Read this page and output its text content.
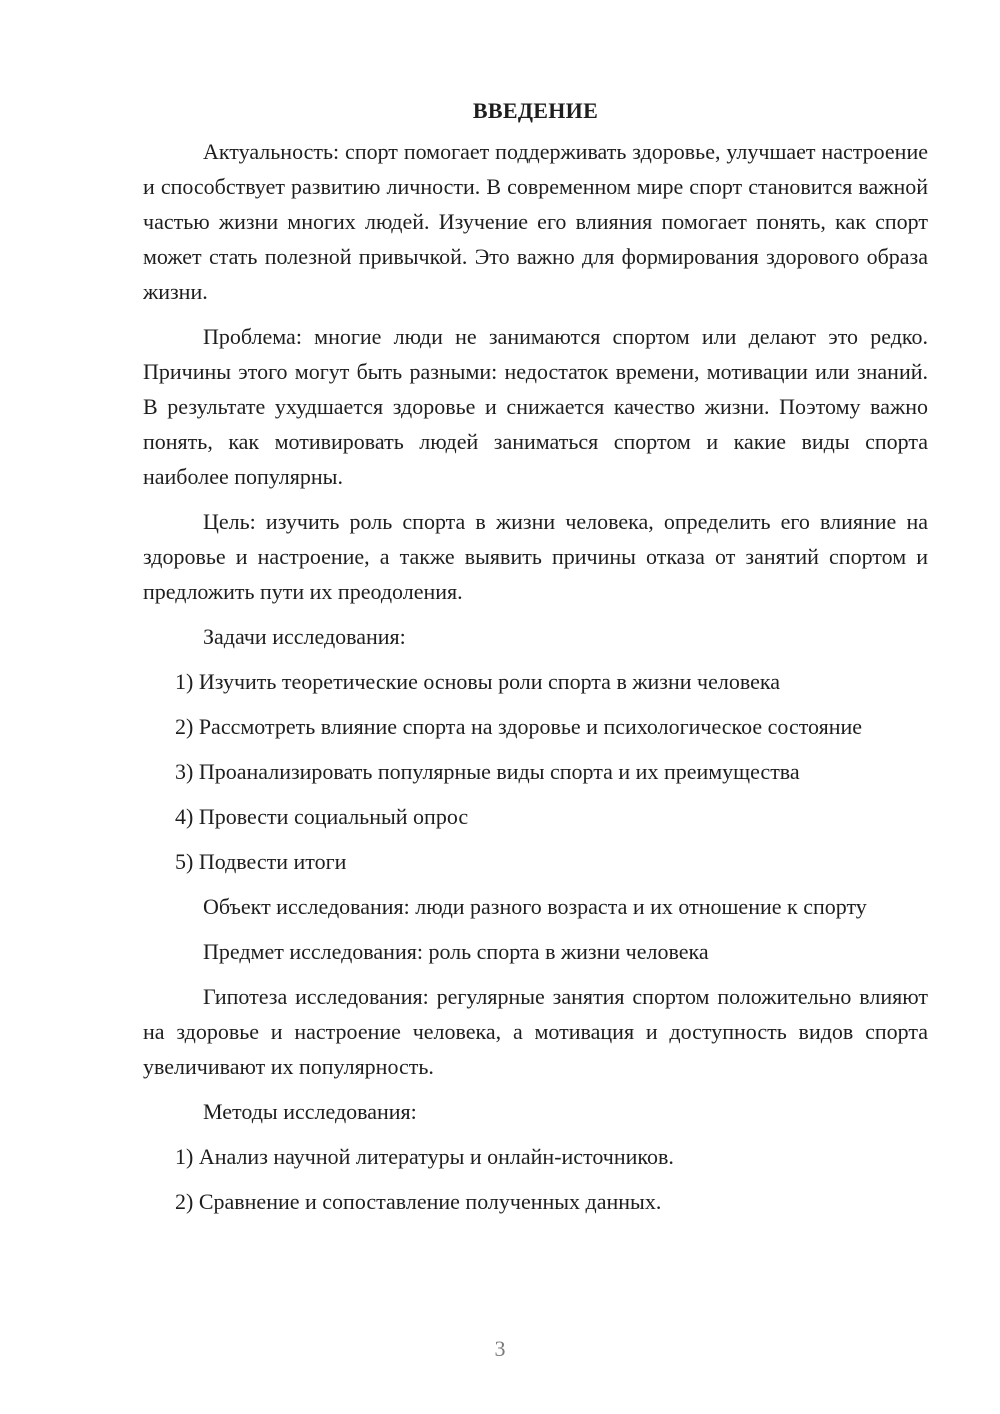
ВВЕДЕНИЕ

Актуальность: спорт помогает поддерживать здоровье, улучшает настроение и способствует развитию личности. В современном мире спорт становится важной частью жизни многих людей. Изучение его влияния помогает понять, как спорт может стать полезной привычкой. Это важно для формирования здорового образа жизни.

Проблема: многие люди не занимаются спортом или делают это редко. Причины этого могут быть разными: недостаток времени, мотивации или знаний. В результате ухудшается здоровье и снижается качество жизни. Поэтому важно понять, как мотивировать людей заниматься спортом и какие виды спорта наиболее популярны.

Цель: изучить роль спорта в жизни человека, определить его влияние на здоровье и настроение, а также выявить причины отказа от занятий спортом и предложить пути их преодоления.

Задачи исследования:

1) Изучить теоретические основы роли спорта в жизни человека

2) Рассмотреть влияние спорта на здоровье и психологическое состояние

3) Проанализировать популярные виды спорта и их преимущества

4) Провести социальный опрос

5) Подвести итоги

Объект исследования: люди разного возраста и их отношение к спорту

Предмет исследования: роль спорта в жизни человека

Гипотеза исследования: регулярные занятия спортом положительно влияют на здоровье и настроение человека, а мотивация и доступность видов спорта увеличивают их популярность.

Методы исследования:

1) Анализ научной литературы и онлайн-источников.

2) Сравнение и сопоставление полученных данных.

3
